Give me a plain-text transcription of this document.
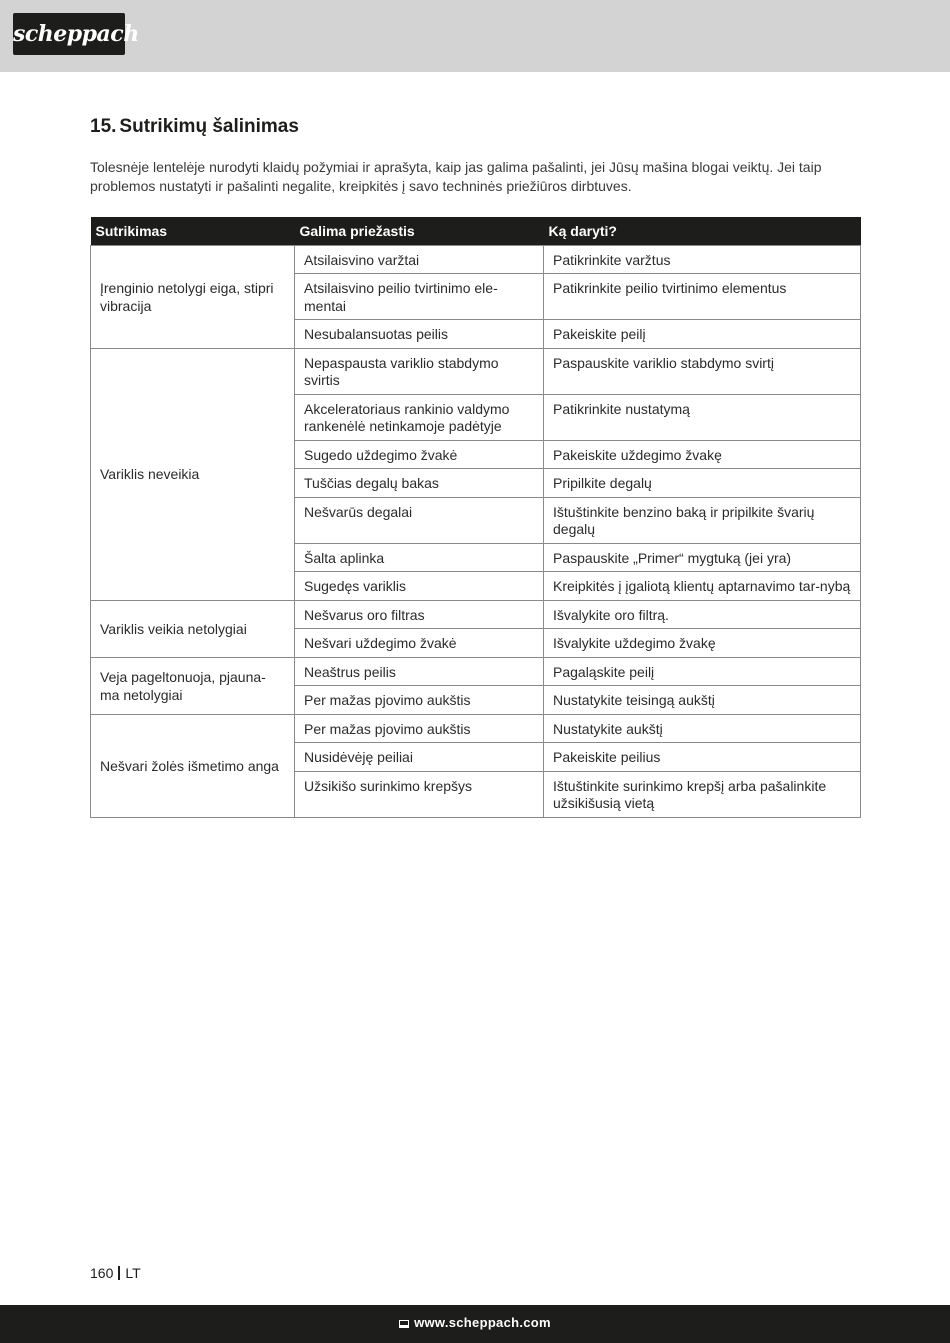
scheppach
15. Sutrikimų šalinimas

Tolesnėje lentelėje nurodyti klaidų požymiai ir aprašyta, kaip jas galima pašalinti, jei Jūsų mašina blogai veiktų. Jei taip problemos nustatyti ir pašalinti negalite, kreipkitės į savo techninės priežiūros dirbtuves.

Sutrikimas	Galima priežastis	Ką daryti?
Įrenginio netolygi eiga, stipri vibracija	Atsilaisvino varžtai	Patikrinkite varžtus
	Atsilaisvino peilio tvirtinimo ele-mentai	Patikrinkite peilio tvirtinimo elementus
	Nesubalansuotas peilis	Pakeiskite peilį
Variklis neveikia	Nepaspausta variklio stabdymo svirtis	Paspauskite variklio stabdymo svirtį
	Akceleratoriaus rankinio valdymo rankenėlė netinkamoje padėtyje	Patikrinkite nustatymą
	Sugedo uždegimo žvakė	Pakeiskite uždegimo žvakę
	Tuščias degalų bakas	Pripilkite degalų
	Nešvarūs degalai	Ištuštinkite benzino baką ir pripilkite švarių degalų
	Šalta aplinka	Paspauskite „Primer“ mygtuką (jei yra)
	Sugedęs variklis	Kreipkitės į įgaliotą klientų aptarnavimo tar-nybą
Variklis veikia netolygiai	Nešvarus oro filtras	Išvalykite oro filtrą.
	Nešvari uždegimo žvakė	Išvalykite uždegimo žvakę
Veja pageltonuoja, pjauna-ma netolygiai	Neaštrus peilis	Pagaląskite peilį
	Per mažas pjovimo aukštis	Nustatykite teisingą aukštį
Nešvari žolės išmetimo anga	Per mažas pjovimo aukštis	Nustatykite aukštį
	Nusidėvėję peiliai	Pakeiskite peilius
	Užsikišo surinkimo krepšys	Ištuštinkite surinkimo krepšį arba pašalinkite užsikišusią vietą
160 LT
www.scheppach.com
